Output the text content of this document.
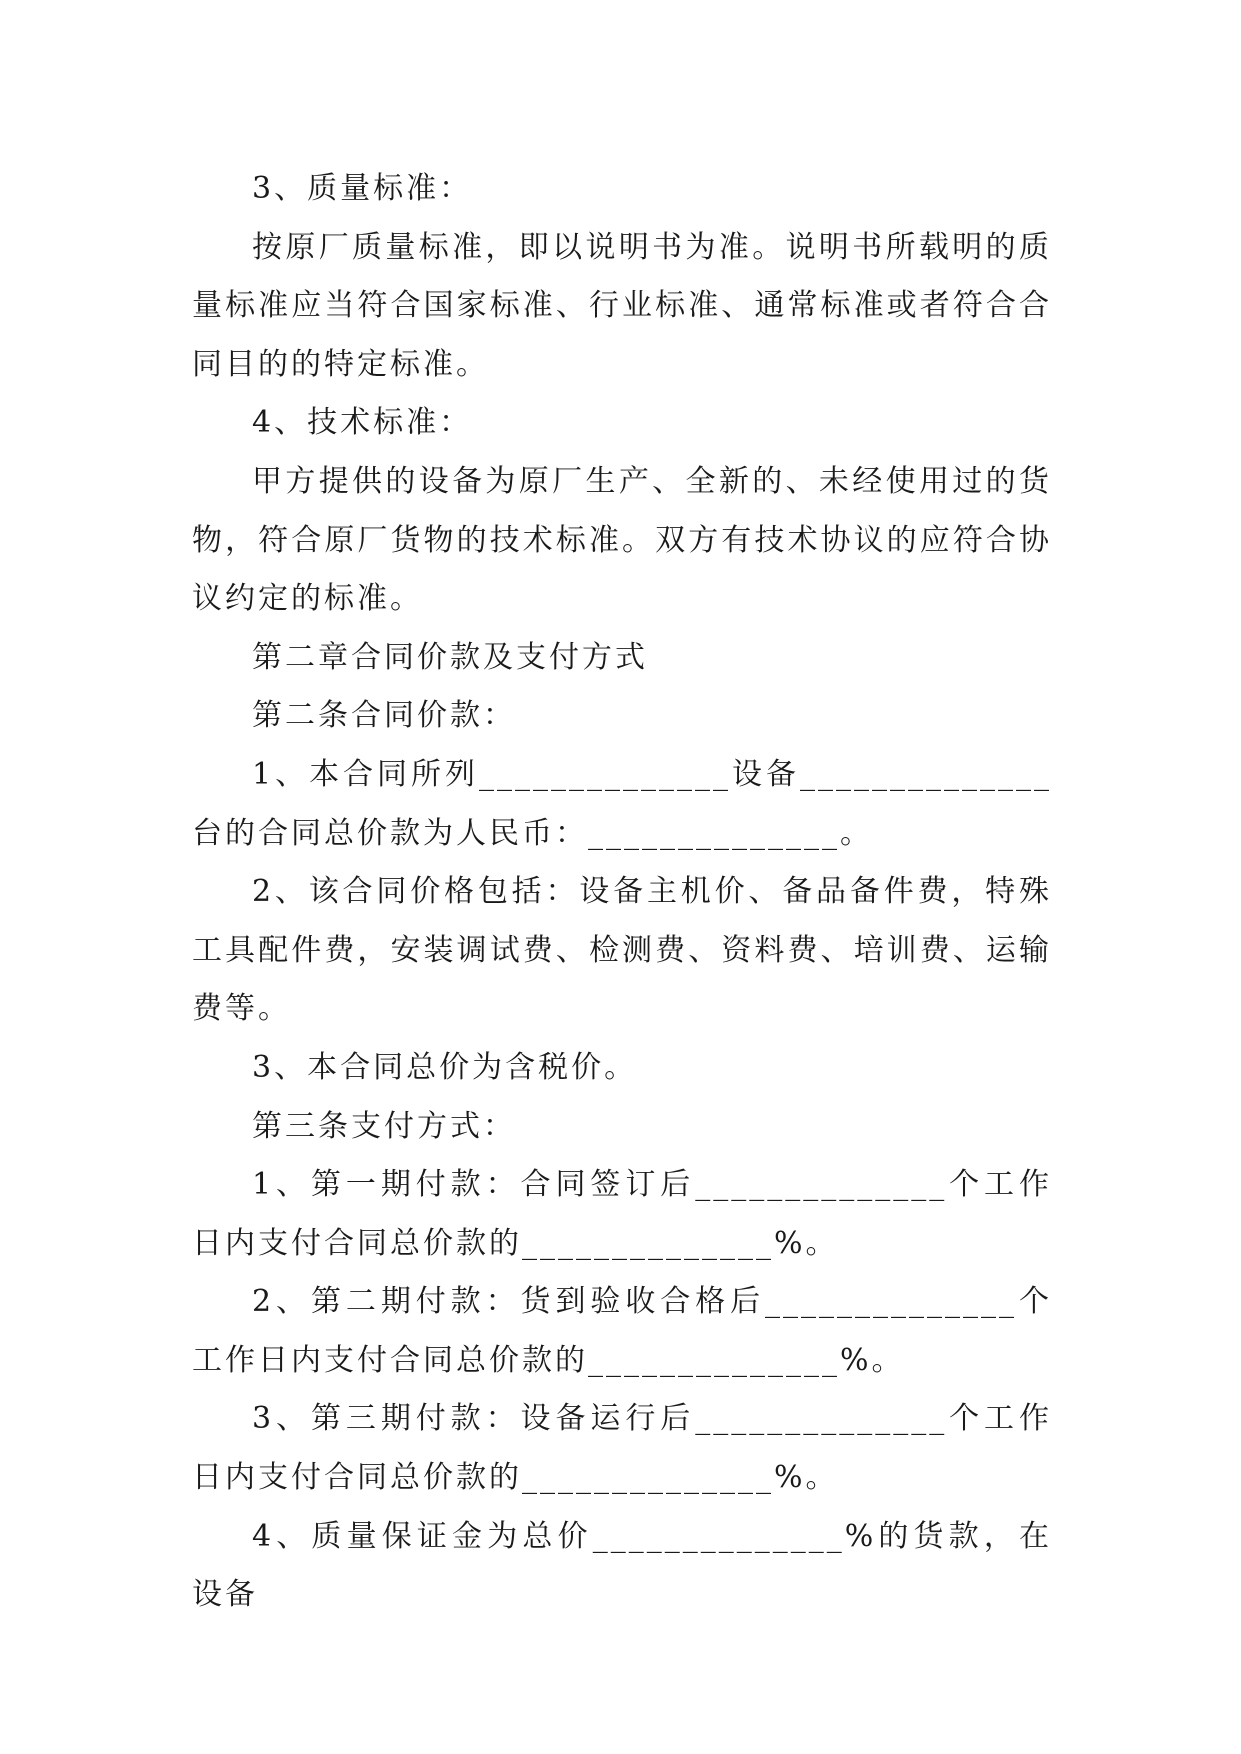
3、质量标准：

按原厂质量标准，即以说明书为准。说明书所载明的质量标准应当符合国家标准、行业标准、通常标准或者符合合同目的的特定标准。

4、技术标准：

甲方提供的设备为原厂生产、全新的、未经使用过的货物，符合原厂货物的技术标准。双方有技术协议的应符合协议约定的标准。

第二章合同价款及支付方式

第二条合同价款：

1、本合同所列______________设备______________台的合同总价款为人民币：______________。

2、该合同价格包括：设备主机价、备品备件费，特殊工具配件费，安装调试费、检测费、资料费、培训费、运输费等。

3、本合同总价为含税价。

第三条支付方式：

1、第一期付款：合同签订后______________个工作日内支付合同总价款的______________%。

2、第二期付款：货到验收合格后______________个工作日内支付合同总价款的______________%。

3、第三期付款：设备运行后______________个工作日内支付合同总价款的______________%。

4、质量保证金为总价______________%的货款，在设备
